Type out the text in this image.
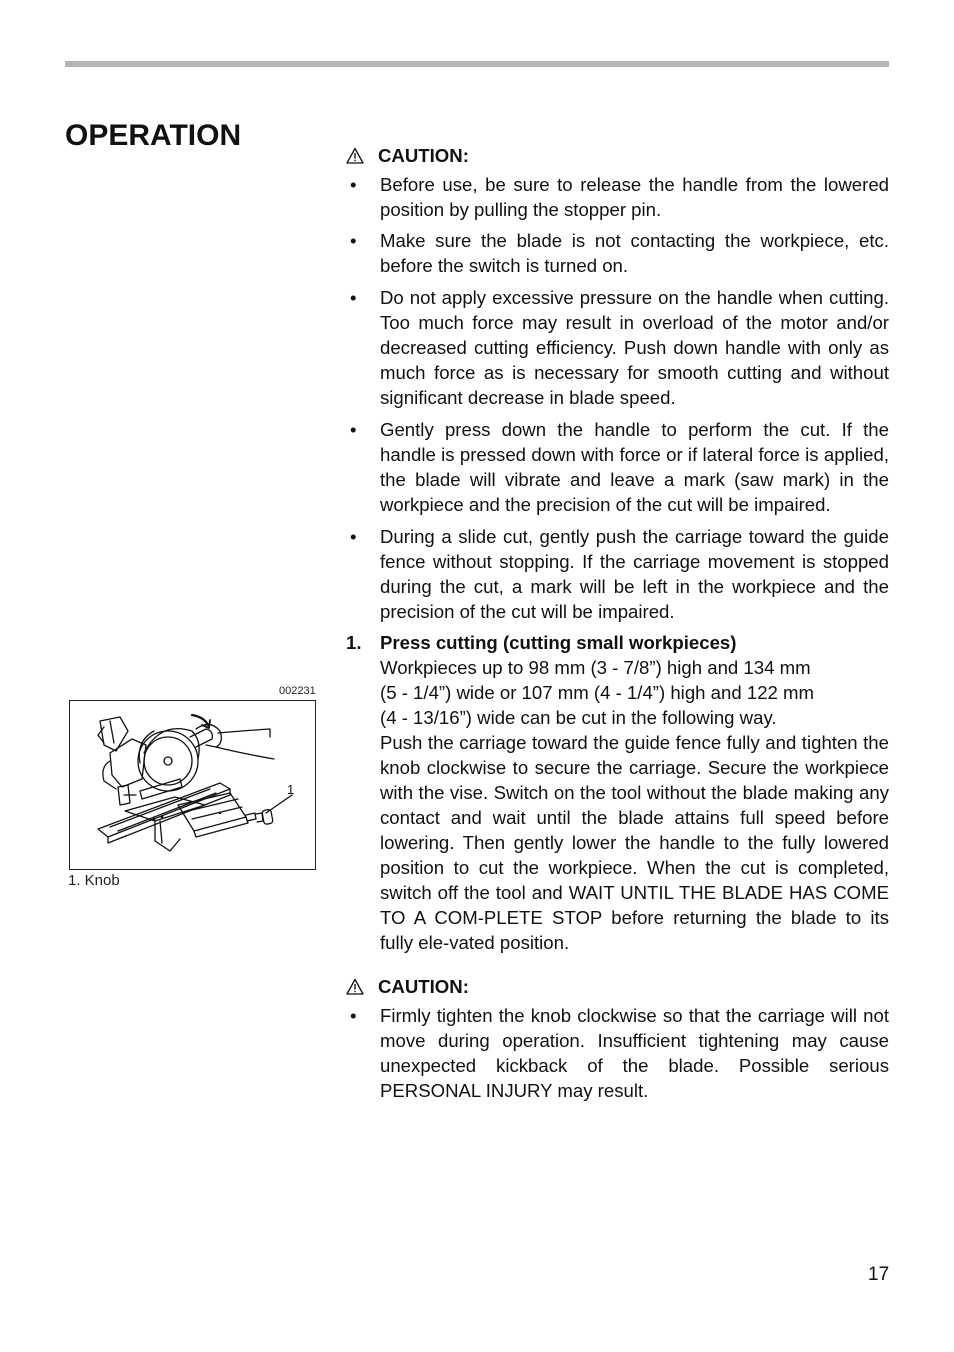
OPERATION
002231
1
1. Knob

CAUTION:

•	Before use, be sure to release the handle from the lowered position by pulling the stopper pin.
•	Make sure the blade is not contacting the workpiece, etc. before the switch is turned on.
•	Do not apply excessive pressure on the handle when cutting. Too much force may result in overload of the motor and/or decreased cutting efficiency. Push down handle with only as much force as is necessary for smooth cutting and without significant decrease in blade speed.
•	Gently press down the handle to perform the cut. If the handle is pressed down with force or if lateral force is applied, the blade will vibrate and leave a mark (saw mark) in the workpiece and the precision of the cut will be impaired.
•	During a slide cut, gently push the carriage toward the guide fence without stopping. If the carriage movement is stopped during the cut, a mark will be left in the workpiece and the precision of the cut will be impaired.
1. Press cutting (cutting small workpieces)
Workpieces up to 98 mm (3 - 7/8”) high and 134 mm
(5 - 1/4”) wide or 107 mm (4 - 1/4”) high and 122 mm
(4 - 13/16”) wide can be cut in the following way.
Push the carriage toward the guide fence fully and tighten the knob clockwise to secure the carriage. Secure the workpiece with the vise. Switch on the tool without the blade making any contact and wait until the blade attains full speed before lowering. Then gently lower the handle to the fully lowered position to cut the workpiece. When the cut is completed, switch off the tool and WAIT UNTIL THE BLADE HAS COME TO A COM-PLETE STOP before returning the blade to its fully ele-vated position.

CAUTION:

•	Firmly tighten the knob clockwise so that the carriage will not move during operation. Insufficient tightening may cause unexpected kickback of the blade. Possible serious PERSONAL INJURY may result.
17
